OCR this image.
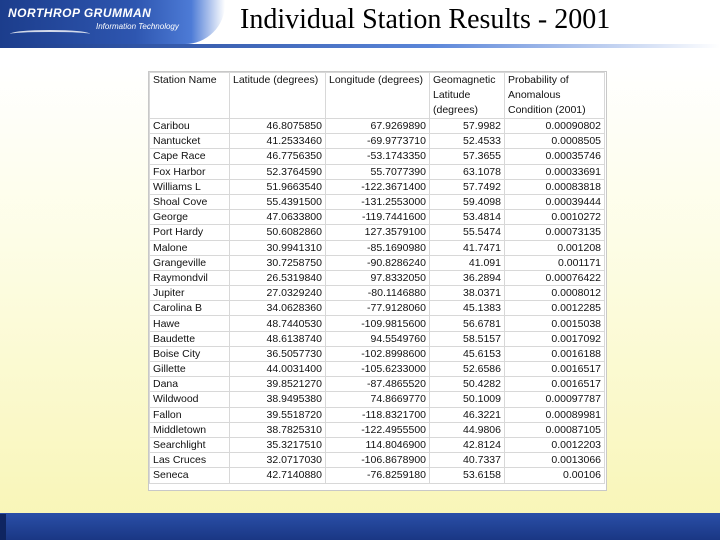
NORTHROP GRUMMAN
Information Technology Individual Station Results - 2001
Station Name	Latitude (degrees)	Longitude (degrees)	Geomagnetic Latitude (degrees)	Probability of Anomalous Condition (2001)
Caribou	46.8075850	67.9269890	57.9982	0.00090802
Nantucket	41.2533460	-69.9773710	52.4533	0.0008505
Cape Race	46.7756350	-53.1743350	57.3655	0.00035746
Fox Harbor	52.3764590	55.7077390	63.1078	0.00033691
Williams L	51.9663540	-122.3671400	57.7492	0.00083818
Shoal Cove	55.4391500	-131.2553000	59.4098	0.00039444
George	47.0633800	-119.7441600	53.4814	0.0010272
Port Hardy	50.6082860	127.3579100	55.5474	0.00073135
Malone	30.9941310	-85.1690980	41.7471	0.001208
Grangeville	30.7258750	-90.8286240	41.091	0.001171
Raymondvil	26.5319840	97.8332050	36.2894	0.00076422
Jupiter	27.0329240	-80.1146880	38.0371	0.0008012
Carolina B	34.0628360	-77.9128060	45.1383	0.0012285
Hawe	48.7440530	-109.9815600	56.6781	0.0015038
Baudette	48.6138740	94.5549760	58.5157	0.0017092
Boise City	36.5057730	-102.8998600	45.6153	0.0016188
Gillette	44.0031400	-105.6233000	52.6586	0.0016517
Dana	39.8521270	-87.4865520	50.4282	0.0016517
Wildwood	38.9495380	74.8669770	50.1009	0.00097787
Fallon	39.5518720	-118.8321700	46.3221	0.00089981
Middletown	38.7825310	-122.4955500	44.9806	0.00087105
Searchlight	35.3217510	114.8046900	42.8124	0.0012203
Las Cruces	32.0717030	-106.8678900	40.7337	0.0013066
Seneca	42.7140880	-76.8259180	53.6158	0.00106
